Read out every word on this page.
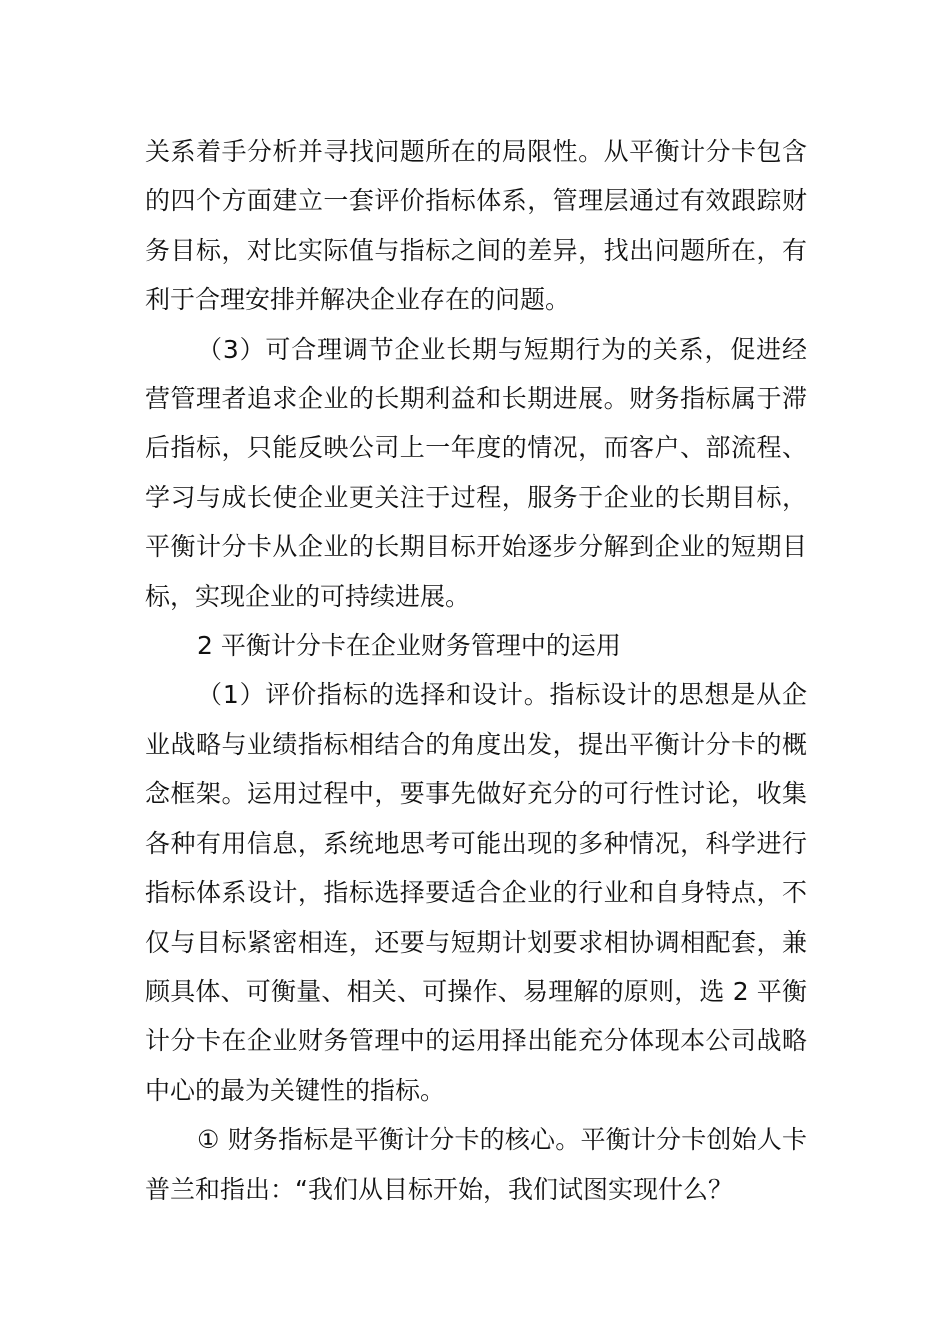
关系着手分析并寻找问题所在的局限性。从平衡计分卡包含的四个方面建立一套评价指标体系，管理层通过有效跟踪财务目标，对比实际值与指标之间的差异，找出问题所在，有利于合理安排并解决企业存在的问题。

（3）可合理调节企业长期与短期行为的关系，促进经营管理者追求企业的长期利益和长期进展。财务指标属于滞后指标，只能反映公司上一年度的情况，而客户、部流程、学习与成长使企业更关注于过程，服务于企业的长期目标，平衡计分卡从企业的长期目标开始逐步分解到企业的短期目标，实现企业的可持续进展。

2 平衡计分卡在企业财务管理中的运用

（1）评价指标的选择和设计。指标设计的思想是从企业战略与业绩指标相结合的角度出发，提出平衡计分卡的概念框架。运用过程中，要事先做好充分的可行性讨论，收集各种有用信息，系统地思考可能出现的多种情况，科学进行指标体系设计，指标选择要适合企业的行业和自身特点，不仅与目标紧密相连，还要与短期计划要求相协调相配套，兼顾具体、可衡量、相关、可操作、易理解的原则，选 2 平衡计分卡在企业财务管理中的运用择出能充分体现本公司战略中心的最为关键性的指标。

① 财务指标是平衡计分卡的核心。平衡计分卡创始人卡普兰和指出：“我们从目标开始，我们试图实现什么？
